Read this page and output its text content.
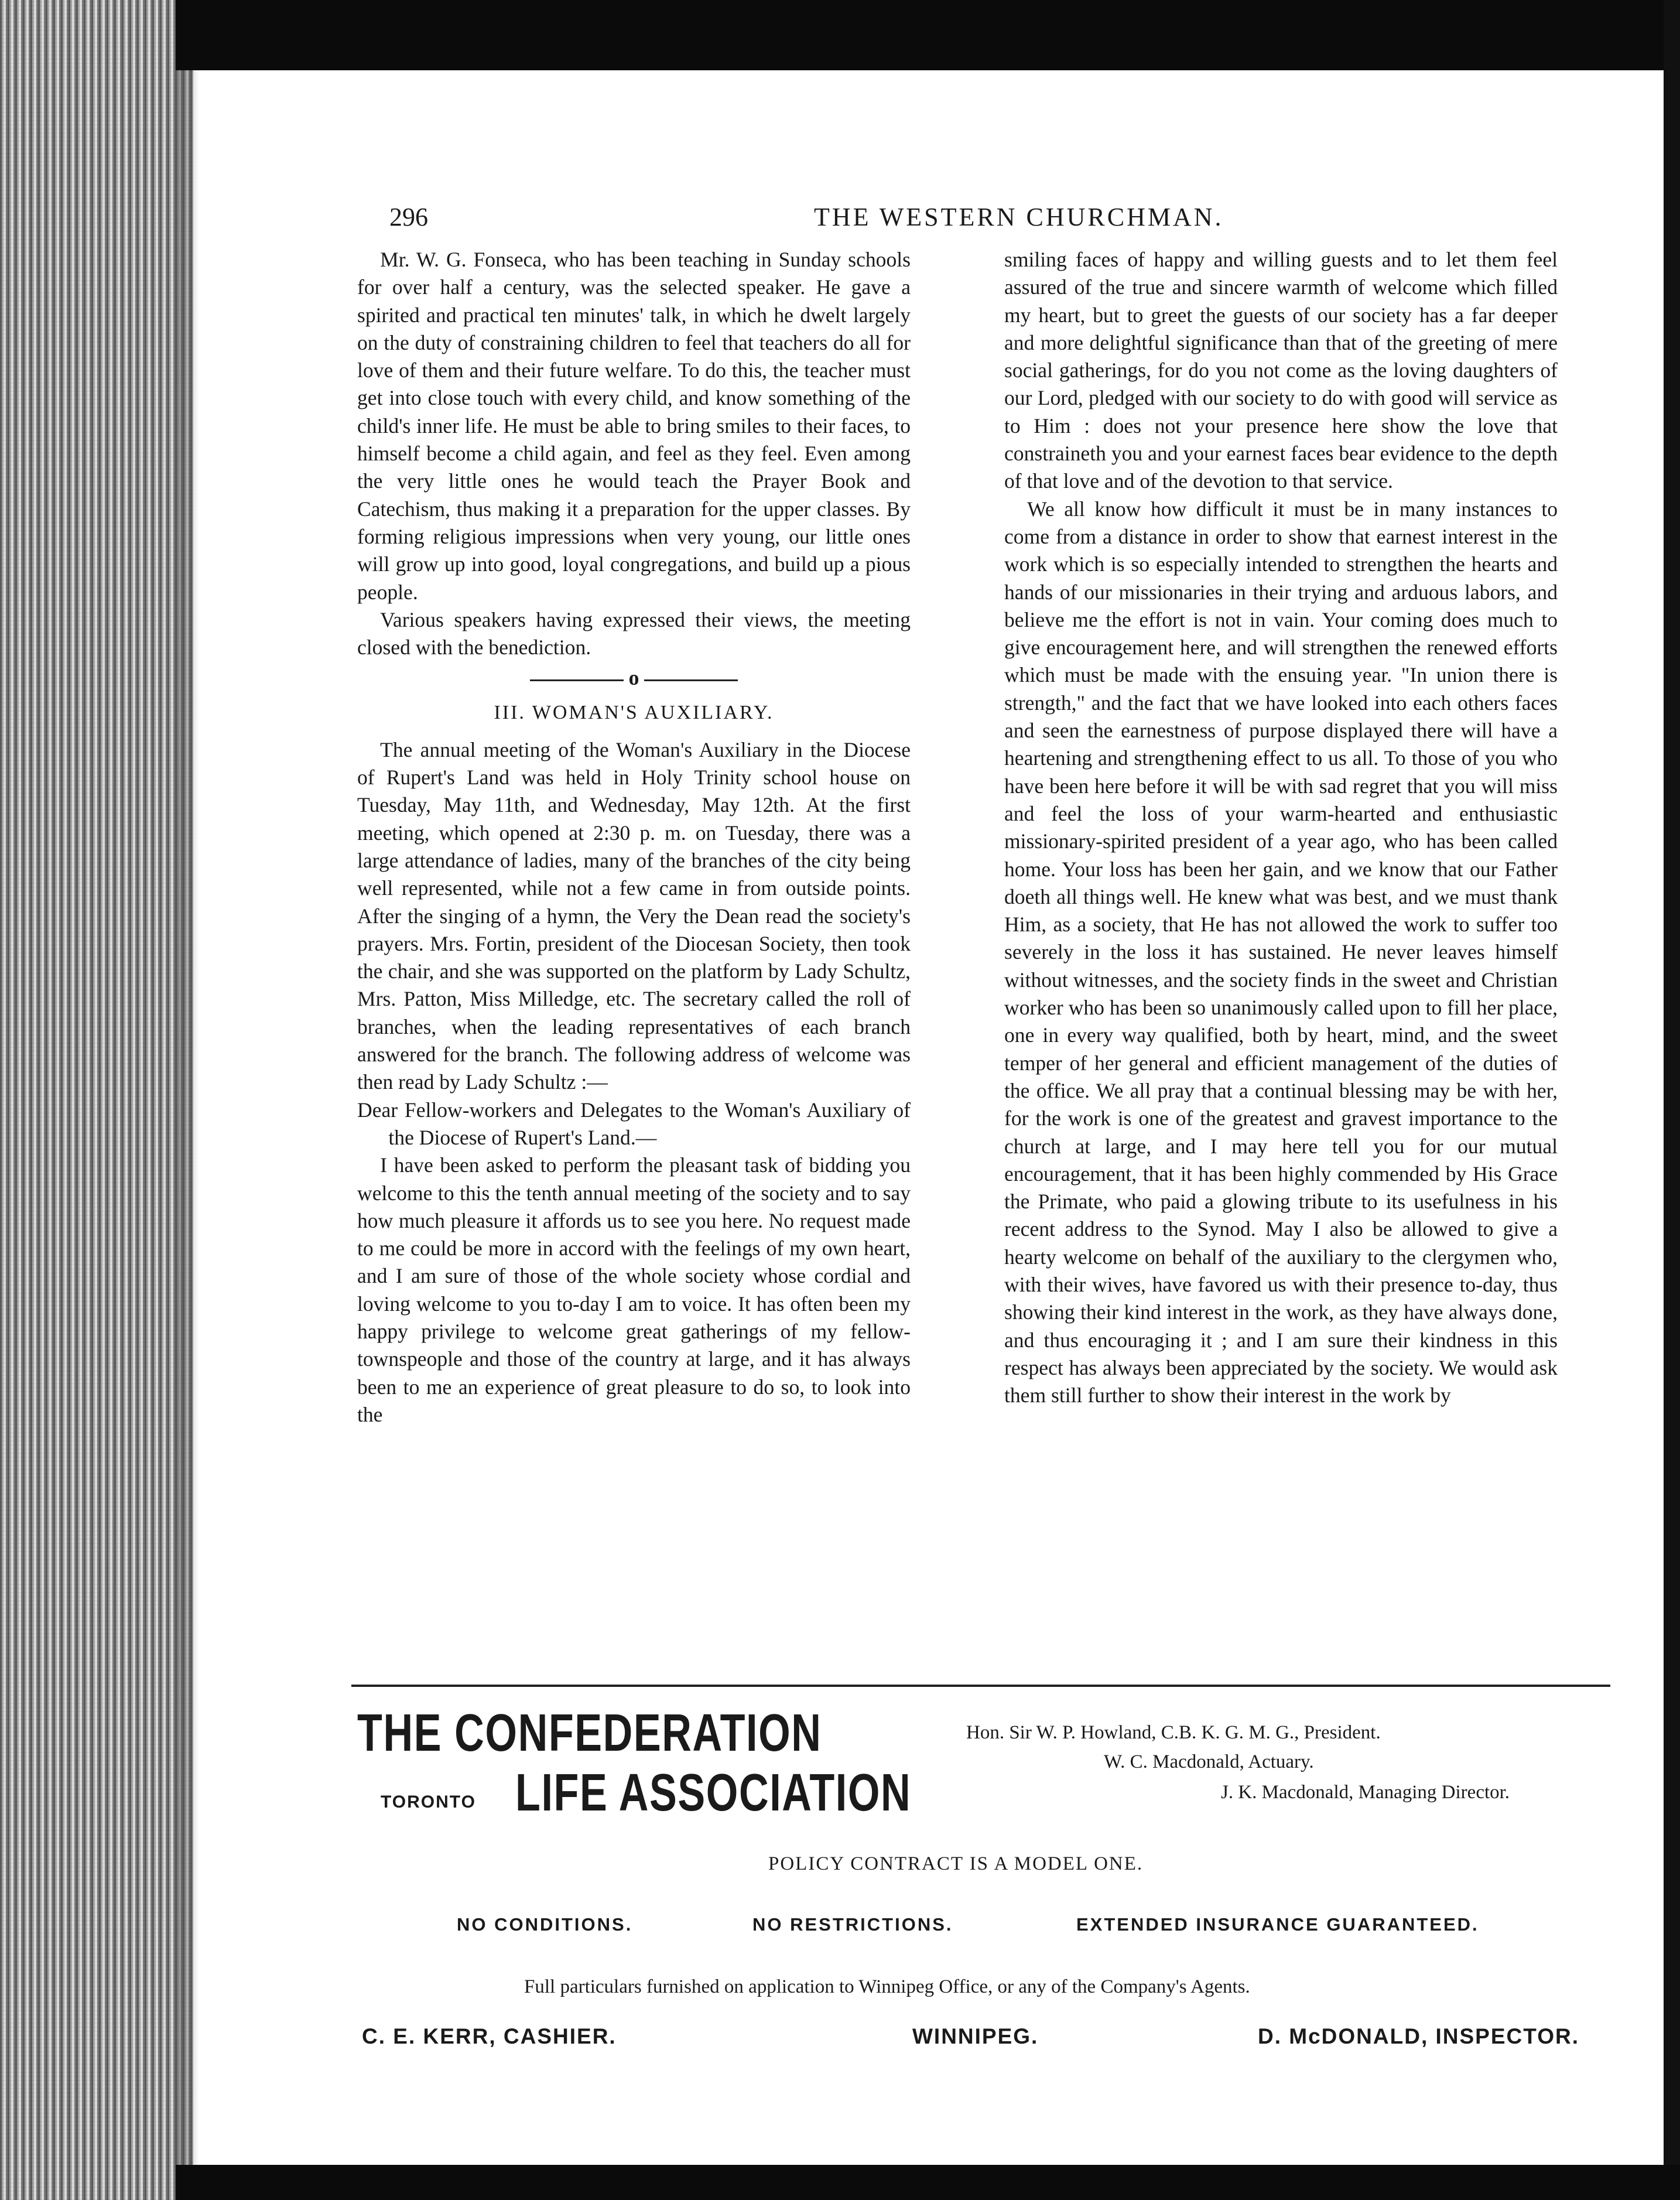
296	THE WESTERN CHURCHMAN.

Mr. W. G. Fonseca, who has been teaching in Sunday schools for over half a century, was the selected speaker. He gave a spirited and practical ten minutes' talk, in which he dwelt largely on the duty of constraining children to feel that teachers do all for love of them and their future welfare. To do this, the teacher must get into close touch with every child, and know something of the child's inner life. He must be able to bring smiles to their faces, to himself become a child again, and feel as they feel. Even among the very little ones he would teach the Prayer Book and Catechism, thus making it a preparation for the upper classes. By forming religious impressions when very young, our little ones will grow up into good, loyal congregations, and build up a pious people.

Various speakers having expressed their views, the meeting closed with the benediction.

o
III. WOMAN'S AUXILIARY.

The annual meeting of the Woman's Auxiliary in the Diocese of Rupert's Land was held in Holy Trinity school house on Tuesday, May 11th, and Wednesday, May 12th. At the first meeting, which opened at 2:30 p. m. on Tuesday, there was a large attendance of ladies, many of the branches of the city being well represented, while not a few came in from outside points. After the singing of a hymn, the Very the Dean read the society's prayers. Mrs. Fortin, president of the Diocesan Society, then took the chair, and she was supported on the platform by Lady Schultz, Mrs. Patton, Miss Milledge, etc. The secretary called the roll of branches, when the leading representatives of each branch answered for the branch. The following address of welcome was then read by Lady Schultz :—

Dear Fellow-workers and Delegates to the Woman's Auxiliary of the Diocese of Rupert's Land.—

I have been asked to perform the pleasant task of bidding you welcome to this the tenth annual meeting of the society and to say how much pleasure it affords us to see you here. No request made to me could be more in accord with the feelings of my own heart, and I am sure of those of the whole society whose cordial and loving welcome to you to-day I am to voice. It has often been my happy privilege to welcome great gatherings of my fellow-townspeople and those of the country at large, and it has always been to me an experience of great pleasure to do so, to look into the

smiling faces of happy and willing guests and to let them feel assured of the true and sincere warmth of welcome which filled my heart, but to greet the guests of our society has a far deeper and more delightful significance than that of the greeting of mere social gatherings, for do you not come as the loving daughters of our Lord, pledged with our society to do with good will service as to Him : does not your presence here show the love that constraineth you and your earnest faces bear evidence to the depth of that love and of the devotion to that service.

We all know how difficult it must be in many instances to come from a distance in order to show that earnest interest in the work which is so especially intended to strengthen the hearts and hands of our missionaries in their trying and arduous labors, and believe me the effort is not in vain. Your coming does much to give encouragement here, and will strengthen the renewed efforts which must be made with the ensuing year. "In union there is strength," and the fact that we have looked into each others faces and seen the earnestness of purpose displayed there will have a heartening and strengthening effect to us all. To those of you who have been here before it will be with sad regret that you will miss and feel the loss of your warm-hearted and enthusiastic missionary-spirited president of a year ago, who has been called home. Your loss has been her gain, and we know that our Father doeth all things well. He knew what was best, and we must thank Him, as a society, that He has not allowed the work to suffer too severely in the loss it has sustained. He never leaves himself without witnesses, and the society finds in the sweet and Christian worker who has been so unanimously called upon to fill her place, one in every way qualified, both by heart, mind, and the sweet temper of her general and efficient management of the duties of the office. We all pray that a continual blessing may be with her, for the work is one of the greatest and gravest importance to the church at large, and I may here tell you for our mutual encouragement, that it has been highly commended by His Grace the Primate, who paid a glowing tribute to its usefulness in his recent address to the Synod. May I also be allowed to give a hearty welcome on behalf of the auxiliary to the clergymen who, with their wives, have favored us with their presence to-day, thus showing their kind interest in the work, as they have always done, and thus encouraging it ; and I am sure their kindness in this respect has always been appreciated by the society. We would ask them still further to show their interest in the work by

THE CONFEDERATION
TORONTO LIFE ASSOCIATION
Hon. Sir W. P. Howland, C.B. K. G. M. G., President.
W. C. Macdonald, Actuary.
J. K. Macdonald, Managing Director.
POLICY CONTRACT IS A MODEL ONE.
NO CONDITIONS.	NO RESTRICTIONS.	EXTENDED INSURANCE GUARANTEED.
Full particulars furnished on application to Winnipeg Office, or any of the Company's Agents.
C. E. KERR, CASHIER.	WINNIPEG.	D. McDONALD, INSPECTOR.
